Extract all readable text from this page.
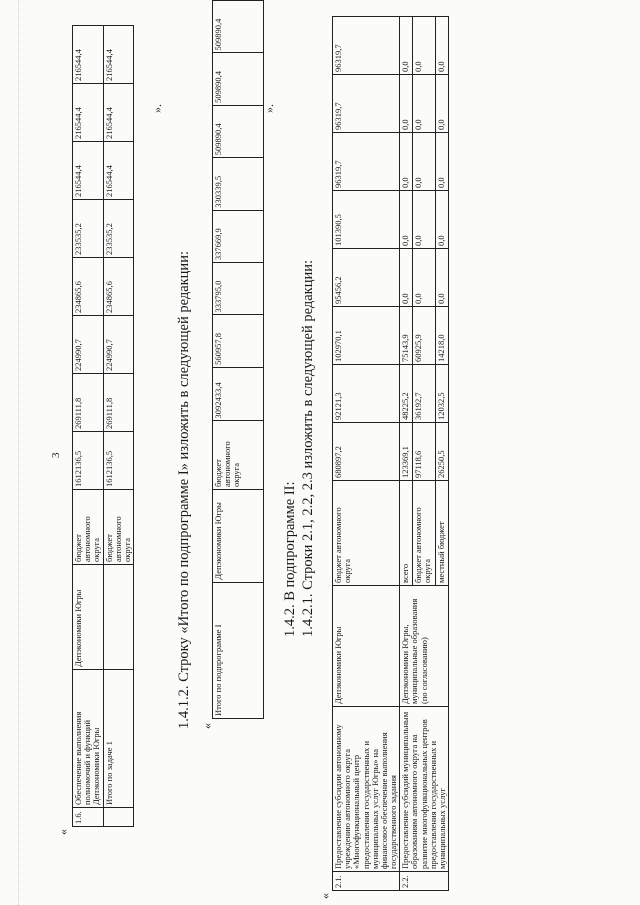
3
«
1.6.	Обеспечение выполнения полномочий и функций Депэкономики Югры	Депэкономики Югры	бюджет автономного округа	1612136,5	269111,8	224990,7	234865,6	233535,2	216544,4	216544,4	216544,4
	Итого по задаче 1		бюджет автономного округа	1612136,5	269111,8	224990,7	234865,6	233535,2	216544,4	216544,4	216544,4
».
1.4.1.2. Строку «Итого по подпрограмме I» изложить в следующей редакции: «
Итого по подпрограмме I	Депэкономики Югры	бюджет автономного округа	3092433,4	560957,8	333795,0	337669,9	330339,5	509890,4	509890,4	509890,4
».
1.4.2. В подпрограмме II: 1.4.2.1. Строки 2.1, 2.2, 2.3 изложить в следующей редакции:
«
2.1.	Предоставление субсидии автономному учреждению автономного округа «Многофункциональный центр предоставления государственных и муниципальных услуг Югры» на финансовое обеспечение выполнения государственного задания	Депэкономики Югры	бюджет автономного округа	680897,2	92121,3	102970,1	95456,2	101390,5	96319,7	96319,7	96319,7
2.2.	Предоставление субсидий муниципальным образованиям автономного округа на развитие многофункциональных центров предоставления государственных и муниципальных услуг	Депэкономики Югры, муниципальные образования (по согласованию)	всего	123369,1	48225,2	75143,9	0,0	0,0	0,0	0,0	0,0
			бюджет автономного округа	97118,6	36192,7	60925,9	0,0	0,0	0,0	0,0	0,0
			местный бюджет	26250,5	12032,5	14218,0	0,0	0,0	0,0	0,0	0,0
